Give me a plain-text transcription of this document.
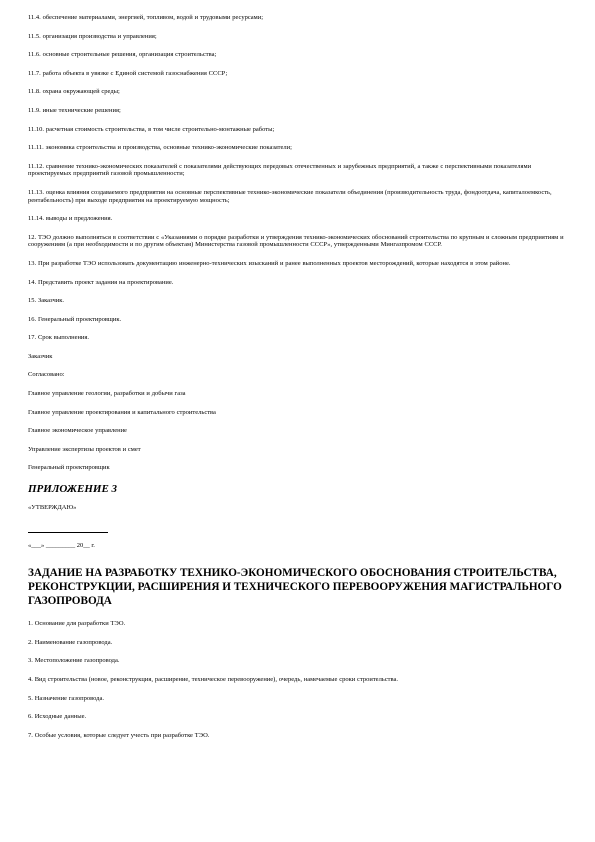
11.4. обеспечение материалами, энергией, топливом, водой и трудовыми ресурсами;

11.5. организация производства и управления;

11.6. основные строительные решения, организация строительства;

11.7. работа объекта в увязке с Единой системой газоснабжения СССР;

11.8. охрана окружающей среды;

11.9. иные технические решения;

11.10. расчетная стоимость строительства, в том числе строительно-монтажные работы;

11.11. экономика строительства и производства, основные технико-экономические показатели;

11.12. сравнение технико-экономических показателей с показателями действующих передовых отечественных и зарубежных предприятий, а также с перспективными показателями проектируемых предприятий газовой промышленности;

11.13. оценка влияния создаваемого предприятия на основные перспективные технико-экономические показатели объединения (производительность труда, фондоотдача, капиталоемкость, рентабельность) при выходе предприятия на проектируемую мощность;

11.14. выводы и предложения.

12. ТЭО должно выполняться в соответствии с «Указаниями о порядке разработки и утверждения технико-экономических обоснований строительства по крупным и сложным предприятиям и сооружениям (а при необходимости и по другим объектам) Министерства газовой промышленности СССР», утвержденными Мингазпромом СССР.

13. При разработке ТЭО использовать документацию инженерно-технических изысканий и ранее выполненных проектов месторождений, которые находятся в этом районе.

14. Представить проект задания на проектирование.

15. Заказчик.

16. Генеральный проектировщик.

17. Срок выполнения.

Заказчик

Согласовано:

Главное управление геологии, разработки и добычи газа

Главное управление проектирования и капитального строительства

Главное экономическое управление

Управление экспертизы проектов и смет

Генеральный проектировщик

ПРИЛОЖЕНИЕ 3

«УТВЕРЖДАЮ»

«___» _________ 20__ г.

ЗАДАНИЕ НА РАЗРАБОТКУ ТЕХНИКО-ЭКОНОМИЧЕСКОГО ОБОСНОВАНИЯ СТРОИТЕЛЬСТВА, РЕКОНСТРУКЦИИ, РАСШИРЕНИЯ И ТЕХНИЧЕСКОГО ПЕРЕВООРУЖЕНИЯ МАГИСТРАЛЬНОГО ГАЗОПРОВОДА

1. Основание для разработки ТЭО.

2. Наименование газопровода.

3. Местоположение газопровода.

4. Вид строительства (новое, реконструкция, расширение, техническое перевооружение), очередь, намечаемые сроки строительства.

5. Назначение газопровода.

6. Исходные данные.

7. Особые условия, которые следует учесть при разработке ТЭО.
